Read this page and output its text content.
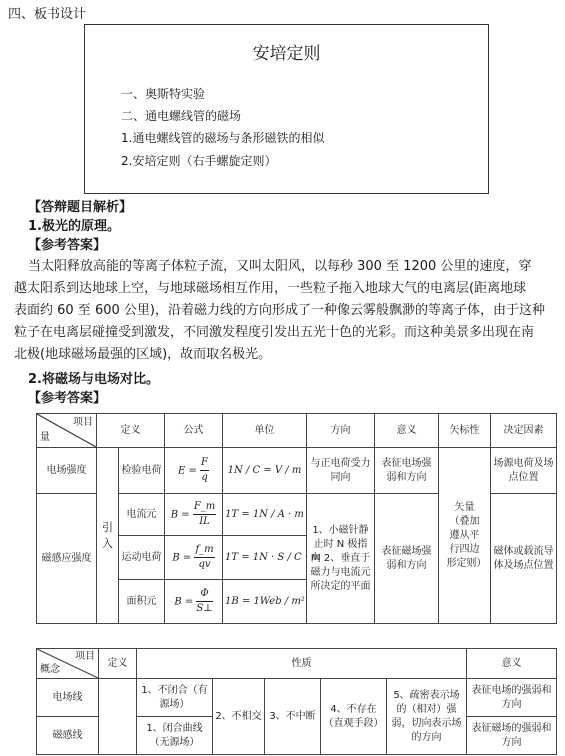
四、板书设计
安培定则
一、奥斯特实验
二、通电螺线管的磁场
1.通电螺线管的磁场与条形磁铁的相似
2.安培定则（右手螺旋定则）
【答辩题目解析】
1.极光的原理。
【参考答案】
当太阳释放高能的等离子体粒子流，又叫太阳风，以每秒 300 至 1200 公里的速度，穿
越太阳系到达地球上空，与地球磁场相互作用，一些粒子拖入地球大气的电离层(距离地球
表面约 60 至 600 公里)，沿着磁力线的方向形成了一种像云雾般飘渺的等离子体，由于这种
粒子在电离层碰撞受到激发，不同激发程度引发出五光十色的光彩。而这种美景多出现在南
北极(地球磁场最强的区域)，故而取名极光。
2.将磁场与电场对比。
【参考答案】
项目
量	定义		公式	单位	方向	意义	矢标性	决定因素
电场强度	引入	检验电荷	$E = \frac{F}{q}$	1N / C = V / m	与正电荷受力同向	表征电场强弱和方向	矢量（叠加遵从平行四边形定则）	场源电荷及场点位置
磁感应强度		电流元	$B = \frac{F\_m}{IL}$	1T = 1N / A · m	1、小磁针静止时 N 极指向 2、垂直于磁力与电流元所决定的平面	表征磁场强弱和方向		磁体或载流导体及场点位置
		运动电荷	$B = \frac{f\_m}{qv}$	1T = 1N · S / C · m				
		面积元	$B = \frac{\Phi}{S\perp}$	1B = 1Web / m²				
项目
概念	定义	性质					意义
电场线		1、不闭合（有源场）	2、不相交	3、不中断	4、不存在（直观手段）	5、疏密表示场的（相对）强弱，切向表示场的方向	表征电场的强弱和方向
磁感线		1、闭合曲线（无源场）					表征磁场的强弱和方向
